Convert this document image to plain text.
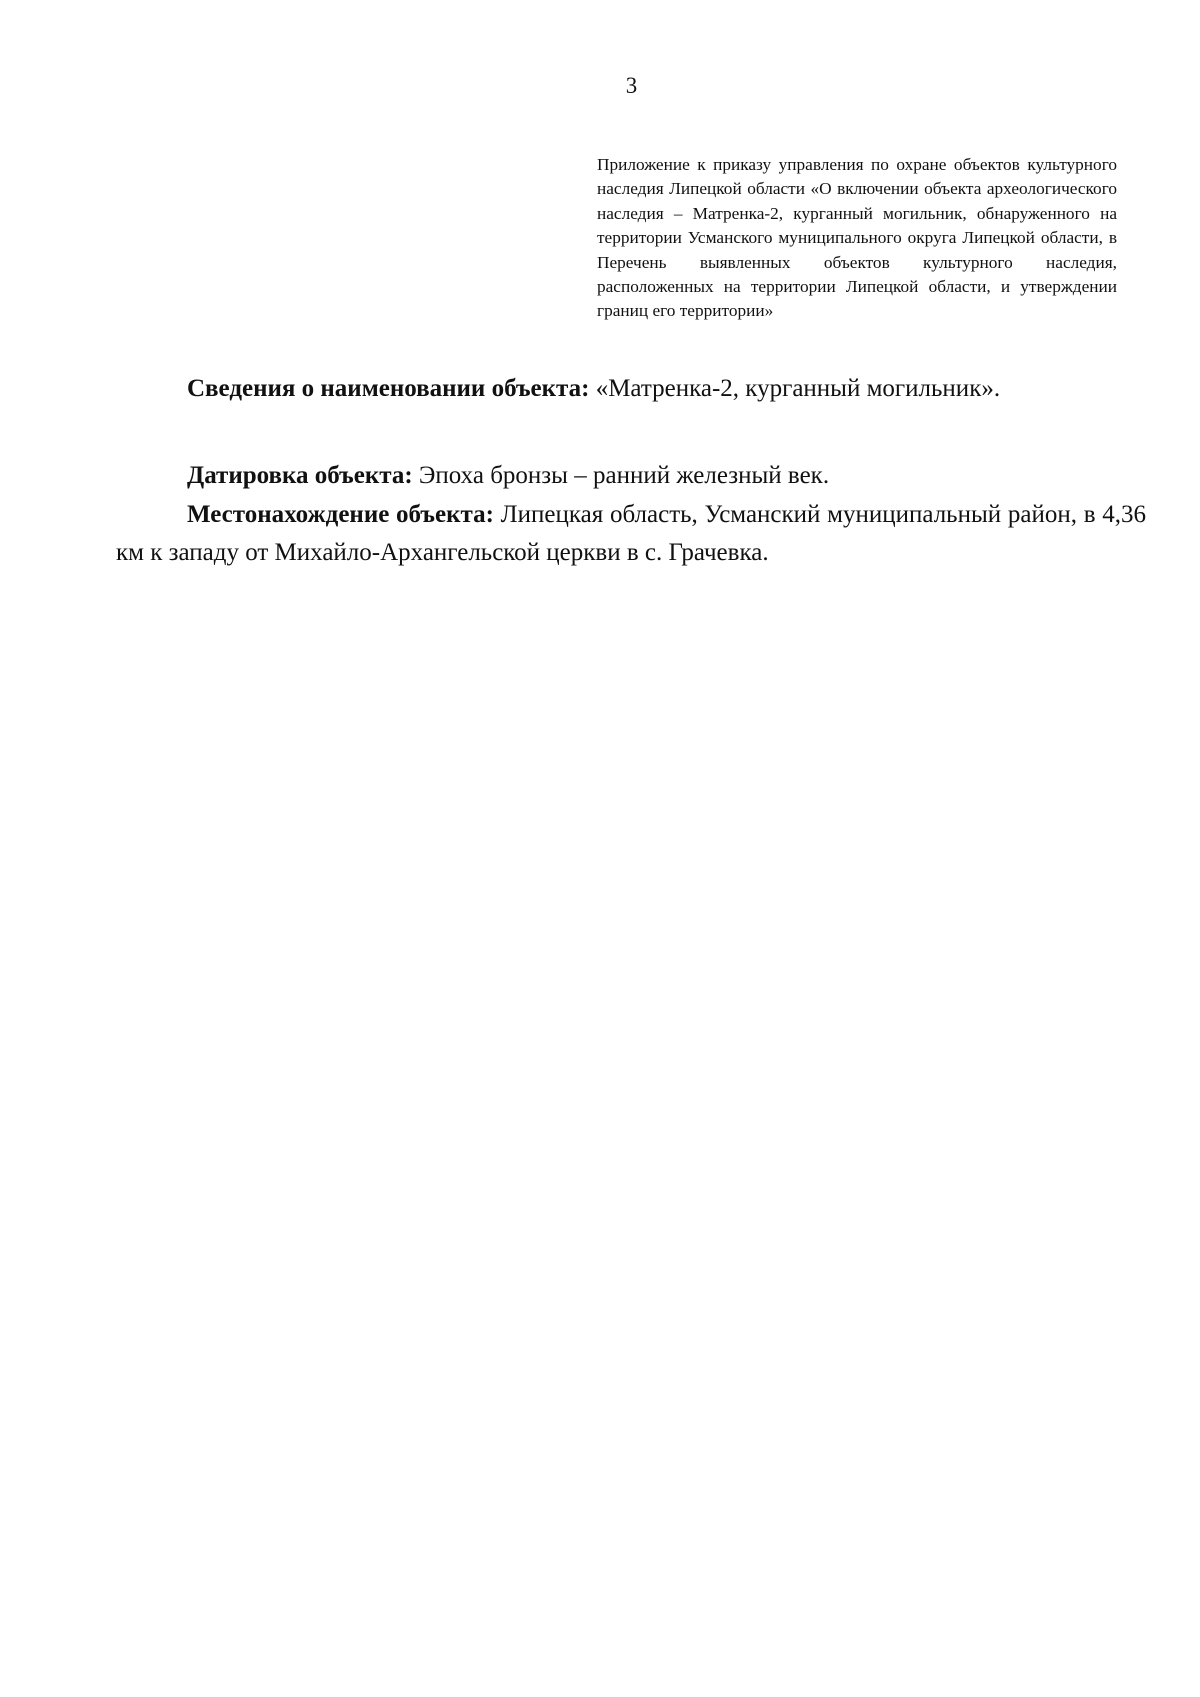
3
Приложение к приказу управления по охране объектов культурного наследия Липецкой области «О включении объекта археологического наследия – Матренка-2, курганный могильник, обнаруженного на территории Усманского муниципального округа Липецкой области, в Перечень выявленных объектов культурного наследия, расположенных на территории Липецкой области, и утверждении границ его территории»

Сведения о наименовании объекта: «Матренка-2, курганный могильник».

Датировка объекта: Эпоха бронзы – ранний железный век.

Местонахождение объекта: Липецкая область, Усманский муниципальный район, в 4,36 км к западу от Михайло-Архангельской церкви в с. Грачевка.
